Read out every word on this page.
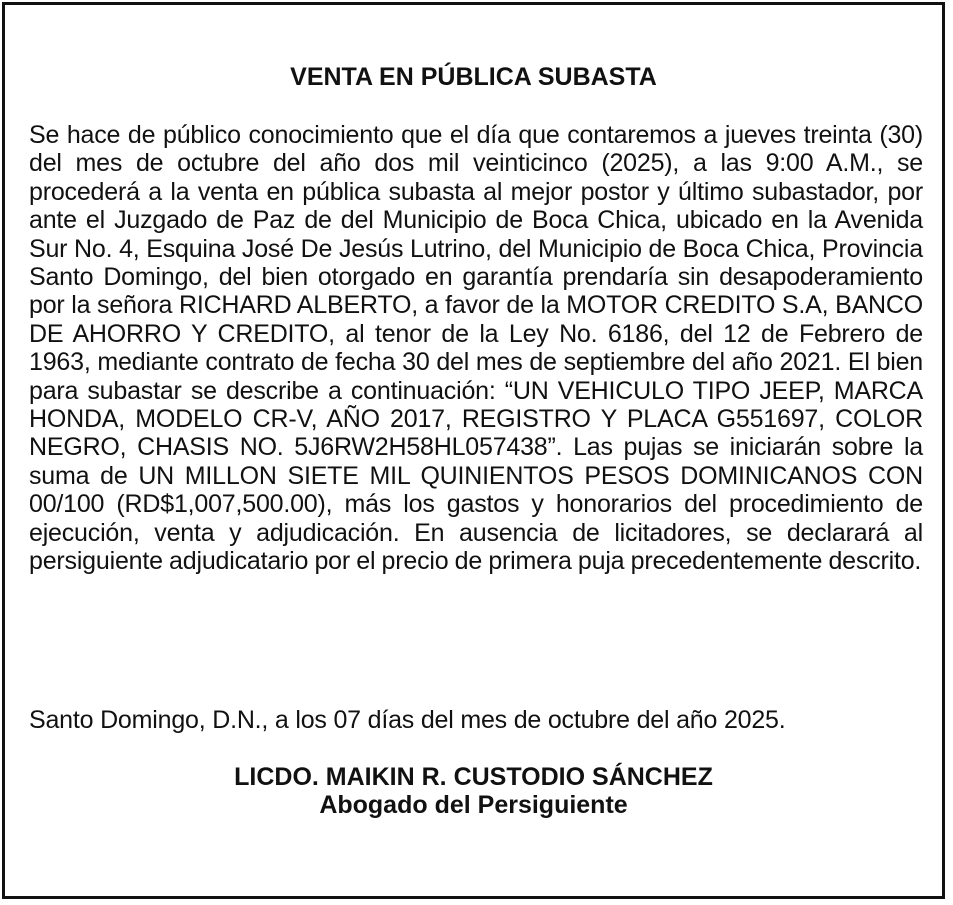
VENTA EN PÚBLICA SUBASTA

Se hace de público conocimiento que el día que contaremos a jueves treinta (30) del mes de octubre del año dos mil veinticinco (2025), a las 9:00 A.M., se procederá a la venta en pública subasta al mejor postor y último subastador, por ante el Juzgado de Paz de del Municipio de Boca Chica, ubicado en la Avenida Sur No. 4, Esquina José De Jesús Lutrino, del Municipio de Boca Chica, Provincia Santo Domingo, del bien otorgado en garantía prendaría sin desapoderamiento por la señora RICHARD ALBERTO, a favor de la MOTOR CREDITO S.A, BANCO DE AHORRO Y CREDITO, al tenor de la Ley No. 6186, del 12 de Febrero de 1963, mediante contrato de fecha 30 del mes de septiembre del año 2021. El bien para subastar se describe a continuación: “UN VEHICULO TIPO JEEP, MARCA HONDA, MODELO CR-V, AÑO 2017, REGISTRO Y PLACA G551697, COLOR NEGRO, CHASIS NO. 5J6RW2H58HL057438”. Las pujas se iniciarán sobre la suma de UN MILLON SIETE MIL QUINIENTOS PESOS DOMINICANOS CON 00/100 (RD$1,007,500.00), más los gastos y honorarios del procedimiento de ejecución, venta y adjudicación. En ausencia de licitadores, se declarará al persiguiente adjudicatario por el precio de primera puja precedentemente descrito.

Santo Domingo, D.N., a los 07 días del mes de octubre del año 2025.

LICDO. MAIKIN R. CUSTODIO SÁNCHEZ
Abogado del Persiguiente
